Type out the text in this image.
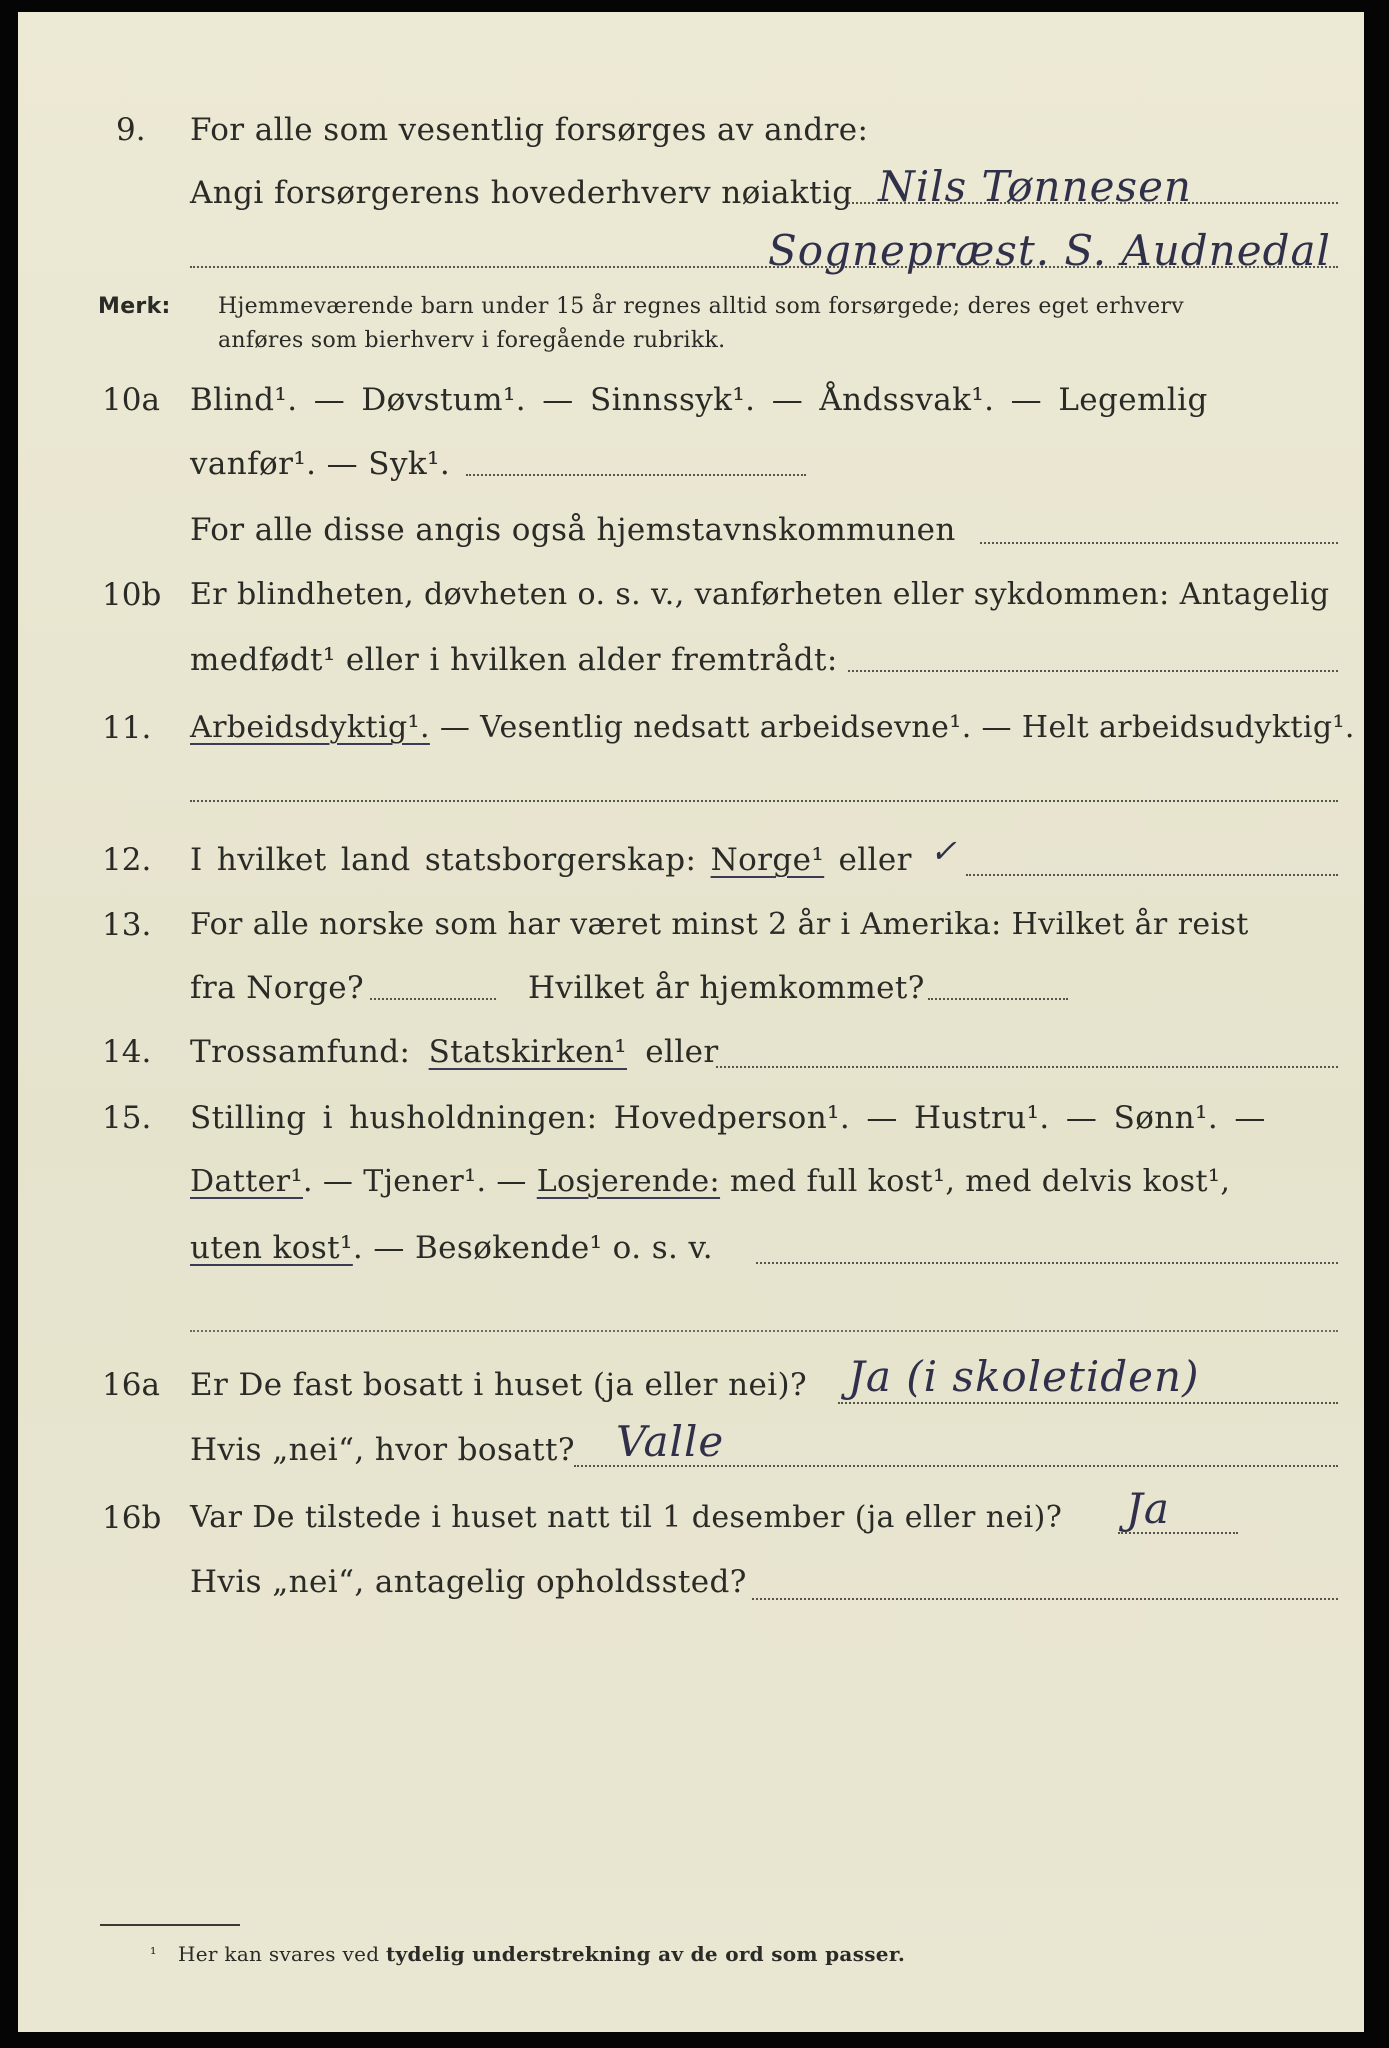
9. For alle som vesentlig forsørges av andre:
Angi forsørgerens hovederhverv nøiaktig Nils Tønnesen
Sognepræst. S. Audnedal
Merk: Hjemmeværende barn under 15 år regnes alltid som forsørgede; deres eget erhverv
anføres som bierhverv i foregående rubrikk.
10a Blind¹. — Døvstum¹. — Sinnssyk¹. — Åndssvak¹. — Legemlig
vanfør¹. — Syk¹.
For alle disse angis også hjemstavnskommunen
10b Er blindheten, døvheten o. s. v., vanførheten eller sykdommen: Antagelig
medfødt¹ eller i hvilken alder fremtrådt:
11. Arbeidsdyktig¹. — Vesentlig nedsatt arbeidsevne¹. — Helt arbeidsudyktig¹.
12. I hvilket land statsborgerskap: Norge¹ eller ✓
13. For alle norske som har været minst 2 år i Amerika: Hvilket år reist
fra Norge?	Hvilket år hjemkommet?
14. Trossamfund: Statskirken¹ eller
15. Stilling i husholdningen: Hovedperson¹. — Hustru¹. — Sønn¹. —
Datter¹. — Tjener¹. — Losjerende: med full kost¹, med delvis kost¹,
uten kost¹. — Besøkende¹ o. s. v.
16a Er De fast bosatt i huset (ja eller nei)? Ja (i skoletiden)
Hvis „nei“, hvor bosatt? Valle
16b Var De tilstede i huset natt til 1 desember (ja eller nei)? Ja
Hvis „nei“, antagelig opholdssted?
¹ Her kan svares ved tydelig understrekning av de ord som passer.
